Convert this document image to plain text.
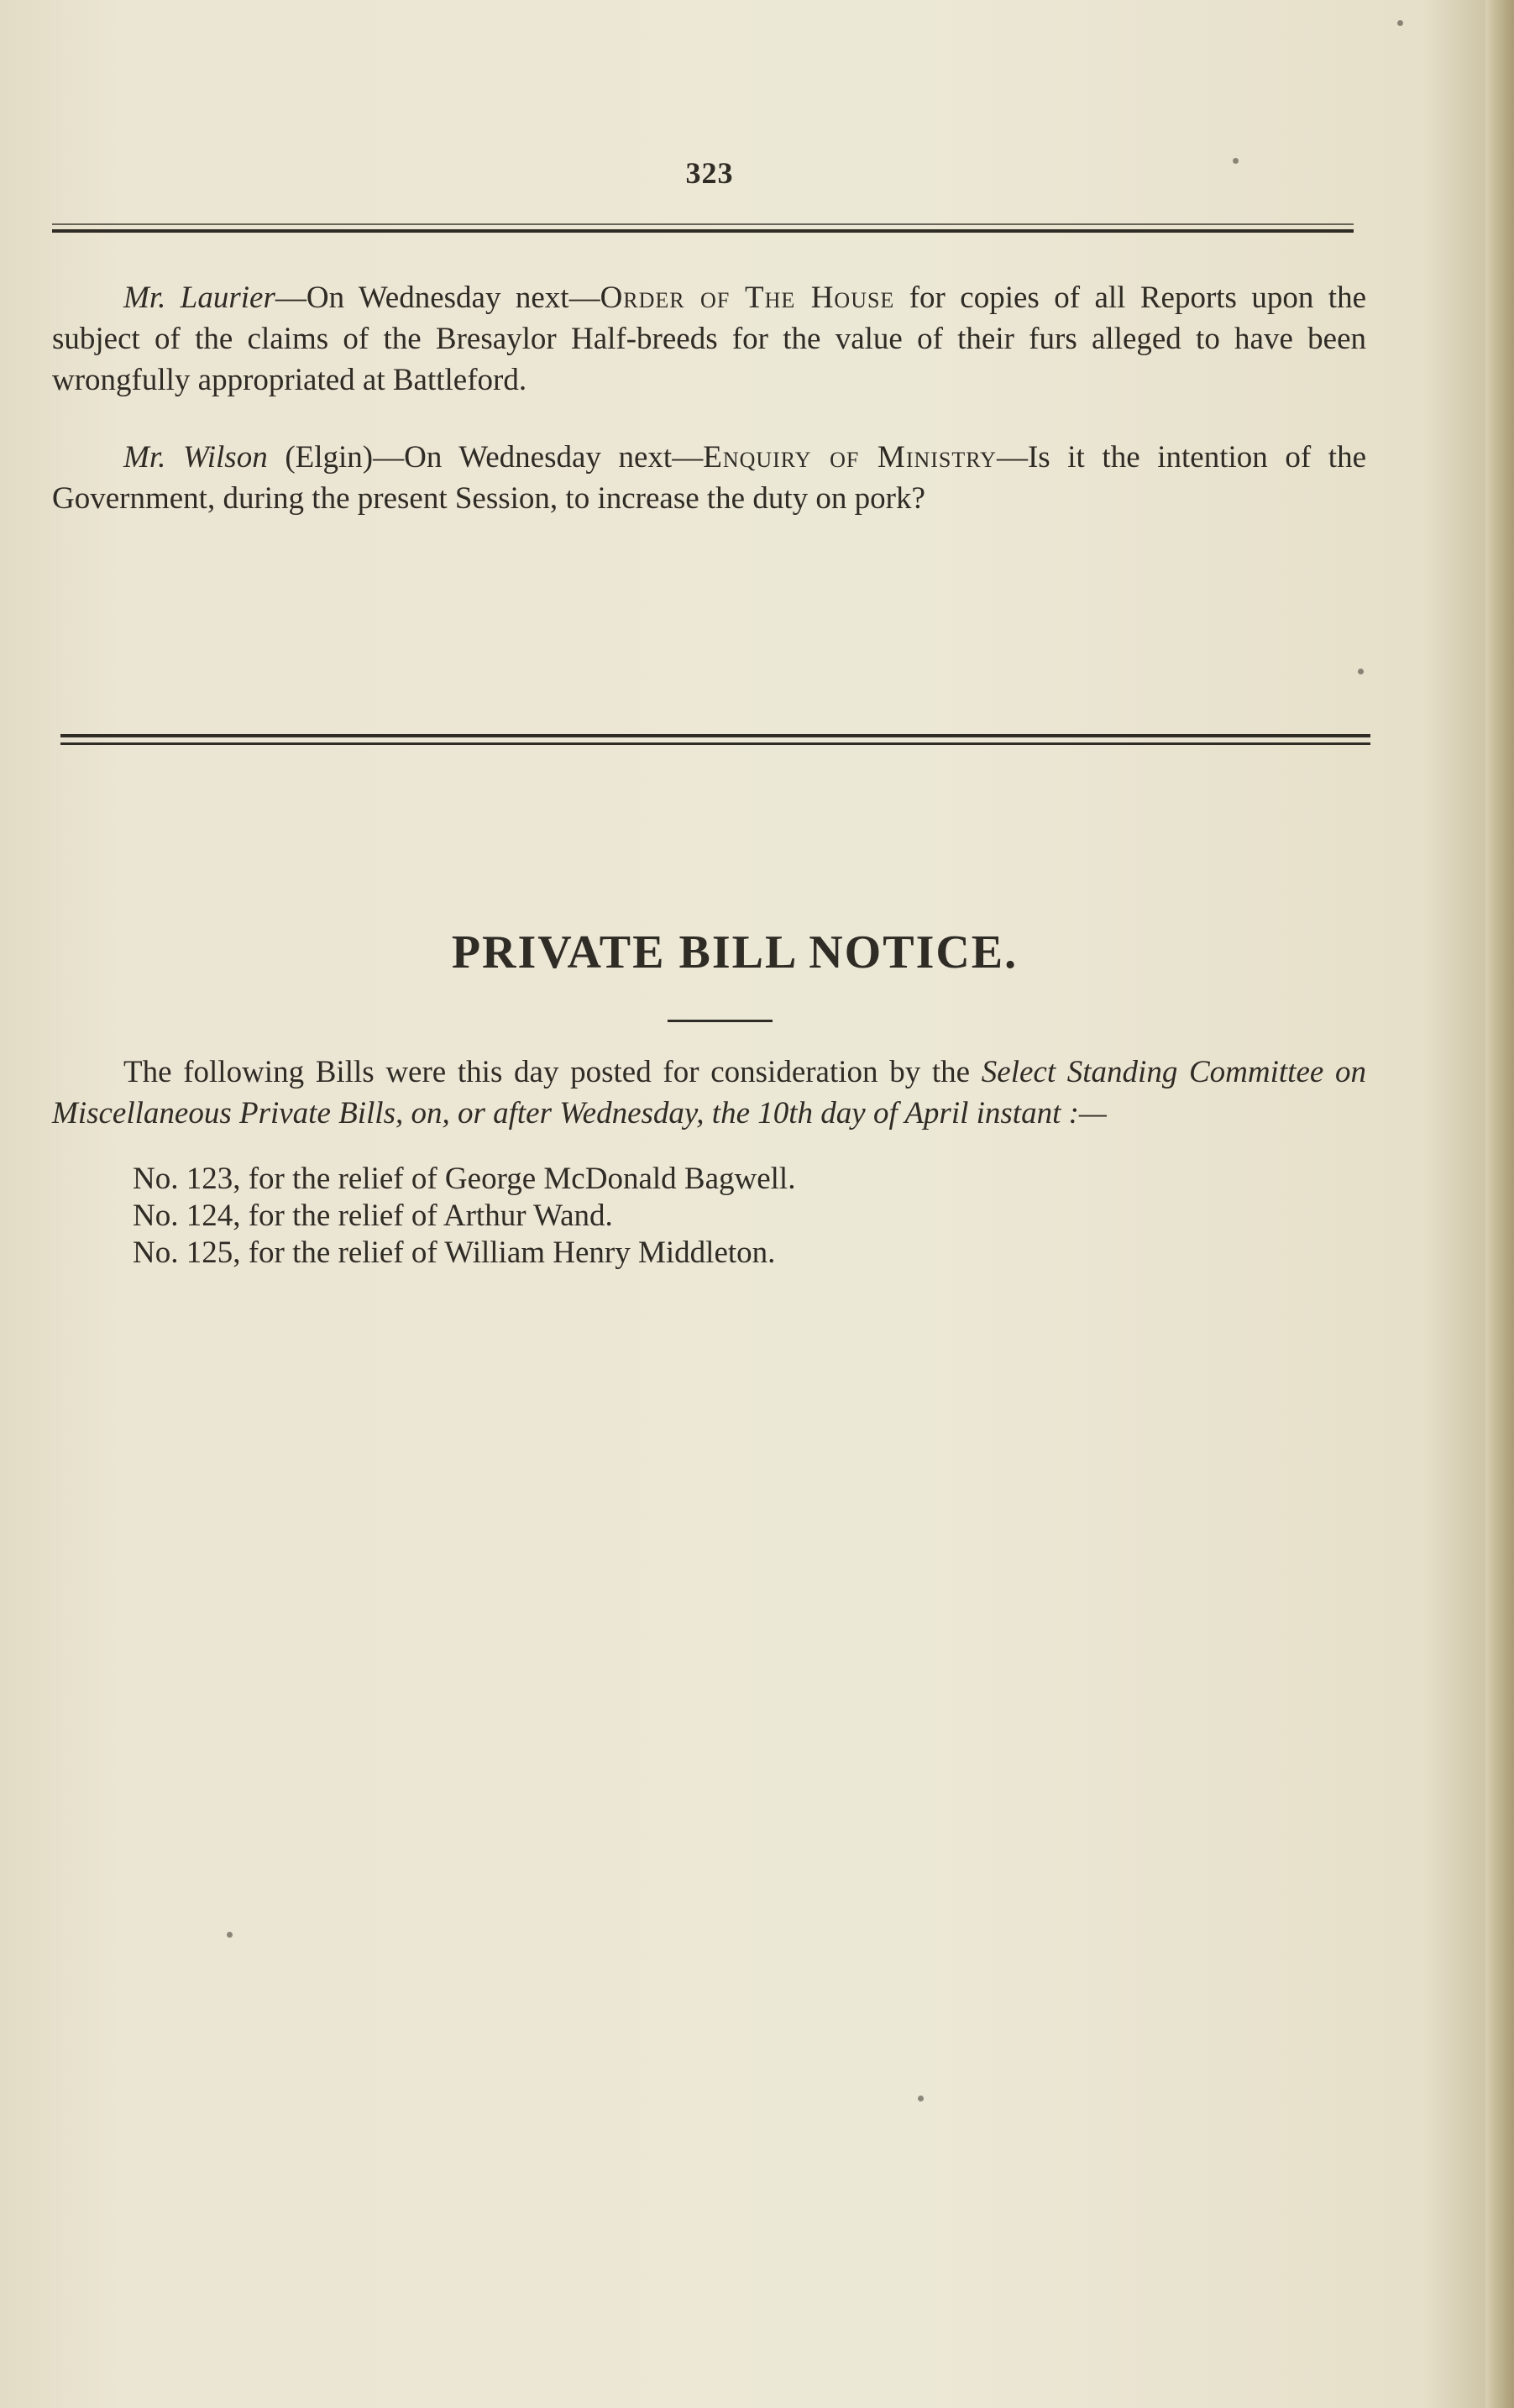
323

Mr. Laurier—On Wednesday next—Order of The House for copies of all Reports upon the subject of the claims of the Bresaylor Half-breeds for the value of their furs alleged to have been wrongfully appropriated at Battleford.

Mr. Wilson (Elgin)—On Wednesday next—Enquiry of Ministry—Is it the intention of the Government, during the present Session, to increase the duty on pork?

PRIVATE BILL NOTICE.

The following Bills were this day posted for consideration by the Select Standing Committee on Miscellaneous Private Bills, on, or after Wednesday, the 10th day of April instant :—

No. 123, for the relief of George McDonald Bagwell.
No. 124, for the relief of Arthur Wand.
No. 125, for the relief of William Henry Middleton.
